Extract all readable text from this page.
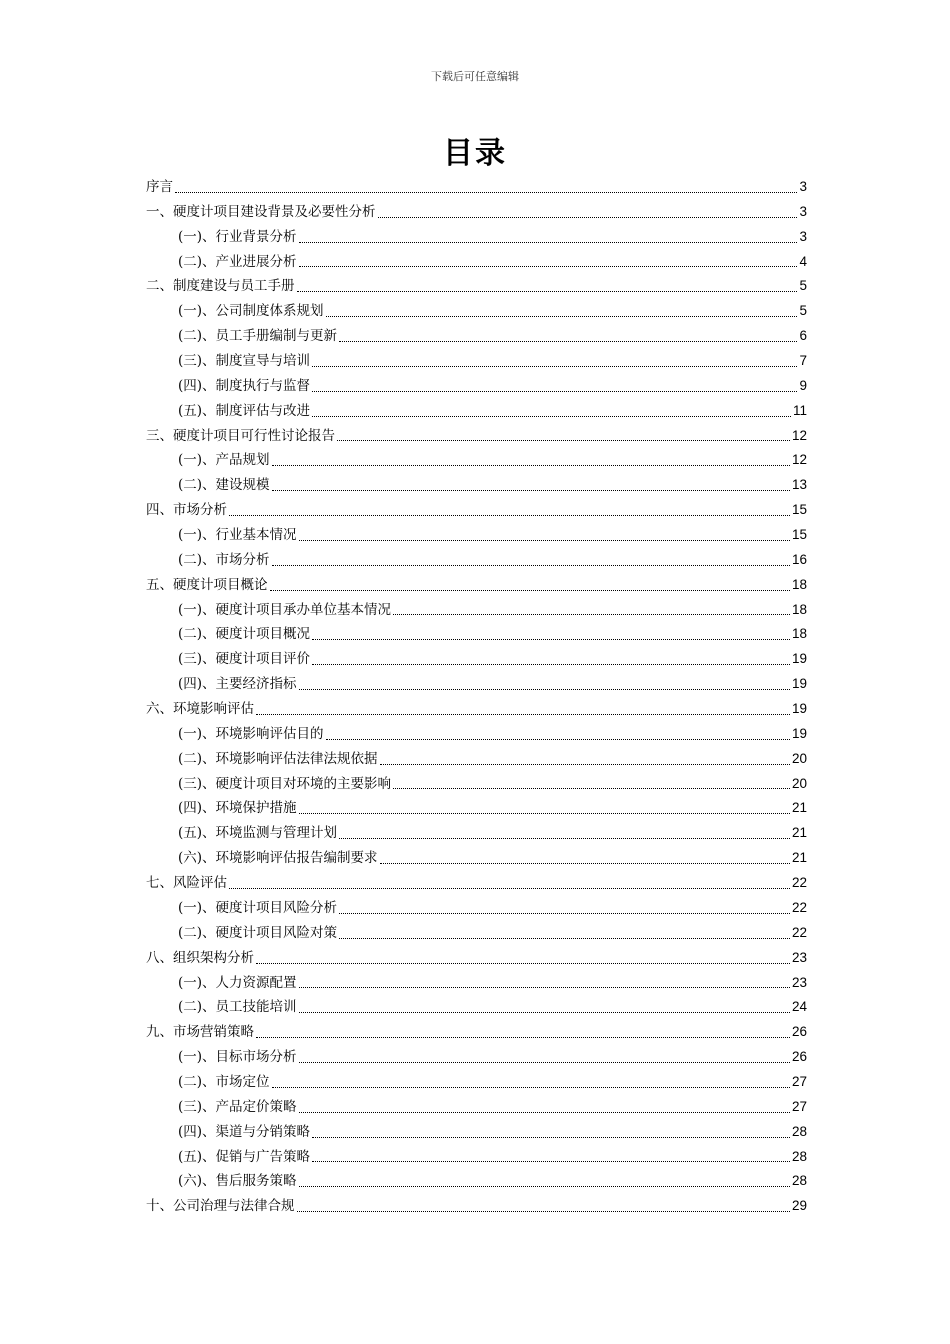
下载后可任意编辑
目录
序言	3
一、硬度计项目建设背景及必要性分析	3
(一)、行业背景分析	3
(二)、产业进展分析	4
二、制度建设与员工手册	5
(一)、公司制度体系规划	5
(二)、员工手册编制与更新	6
(三)、制度宣导与培训	7
(四)、制度执行与监督	9
(五)、制度评估与改进	11
三、硬度计项目可行性讨论报告	12
(一)、产品规划	12
(二)、建设规模	13
四、市场分析	15
(一)、行业基本情况	15
(二)、市场分析	16
五、硬度计项目概论	18
(一)、硬度计项目承办单位基本情况	18
(二)、硬度计项目概况	18
(三)、硬度计项目评价	19
(四)、主要经济指标	19
六、环境影响评估	19
(一)、环境影响评估目的	19
(二)、环境影响评估法律法规依据	20
(三)、硬度计项目对环境的主要影响	20
(四)、环境保护措施	21
(五)、环境监测与管理计划	21
(六)、环境影响评估报告编制要求	21
七、风险评估	22
(一)、硬度计项目风险分析	22
(二)、硬度计项目风险对策	22
八、组织架构分析	23
(一)、人力资源配置	23
(二)、员工技能培训	24
九、市场营销策略	26
(一)、目标市场分析	26
(二)、市场定位	27
(三)、产品定价策略	27
(四)、渠道与分销策略	28
(五)、促销与广告策略	28
(六)、售后服务策略	28
十、公司治理与法律合规	29
